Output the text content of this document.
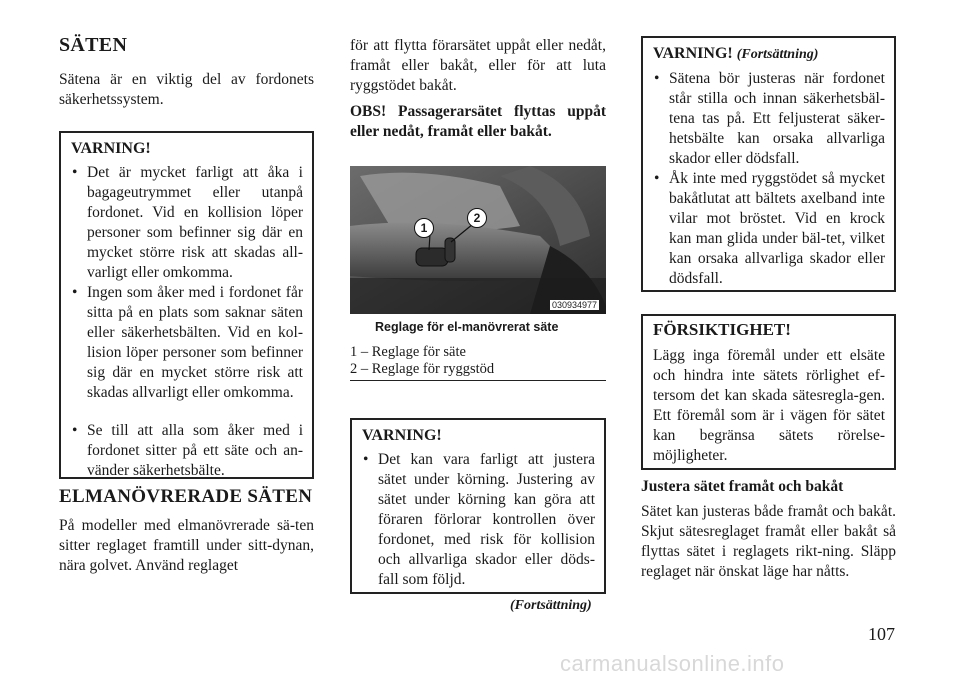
SÄTEN

Sätena är en viktig del av fordonets säkerhetssystem.

VARNING!
• Det är mycket farligt att åka i bagageutrymmet eller utanpå fordonet. Vid en kollision löper personer som befinner sig där en mycket större risk att skadas all-varligt eller omkomma.
• Ingen som åker med i fordonet får sitta på en plats som saknar säten eller säkerhetsbälten. Vid en kol-lision löper personer som befinner sig där en mycket större risk att skadas allvarligt eller omkomma.
• Se till att alla som åker med i fordonet sitter på ett säte och an-vänder säkerhetsbälte.
ELMANÖVRERADE SÄTEN

På modeller med elmanövrerade sä-ten sitter reglaget framtill under sitt-dynan, nära golvet. Använd reglaget

för att flytta förarsätet uppåt eller nedåt, framåt eller bakåt, eller för att luta ryggstödet bakåt.

OBS! Passagerarsätet flyttas uppåt eller nedåt, framåt eller bakåt.

1
2
030934977
Reglage för el-manövrerat säte
1 – Reglage för säte
2 – Reglage för ryggstöd
VARNING!
• Det kan vara farligt att justera sätet under körning. Justering av sätet under körning kan göra att föraren förlorar kontrollen över fordonet, med risk för kollision och allvarliga skador eller döds-fall som följd.
(Fortsättning)
VARNING! (Fortsättning)
• Sätena bör justeras när fordonet står stilla och innan säkerhetsbäl-tena tas på. Ett feljusterat säker-hetsbälte kan orsaka allvarliga skador eller dödsfall.
• Åk inte med ryggstödet så mycket bakåtlutat att bältets axelband inte vilar mot bröstet. Vid en krock kan man glida under bäl-tet, vilket kan orsaka allvarliga skador eller dödsfall.
FÖRSIKTIGHET!

Lägg inga föremål under ett elsäte och hindra inte sätets rörlighet ef-tersom det kan skada sätesregla-gen. Ett föremål som är i vägen för sätet kan begränsa sätets rörelse-möjligheter.

Justera sätet framåt och bakåt

Sätet kan justeras både framåt och bakåt. Skjut sätesreglaget framåt eller bakåt så flyttas sätet i reglagets rikt-ning. Släpp reglaget när önskat läge har nåtts.

107
carmanualsonline.info
